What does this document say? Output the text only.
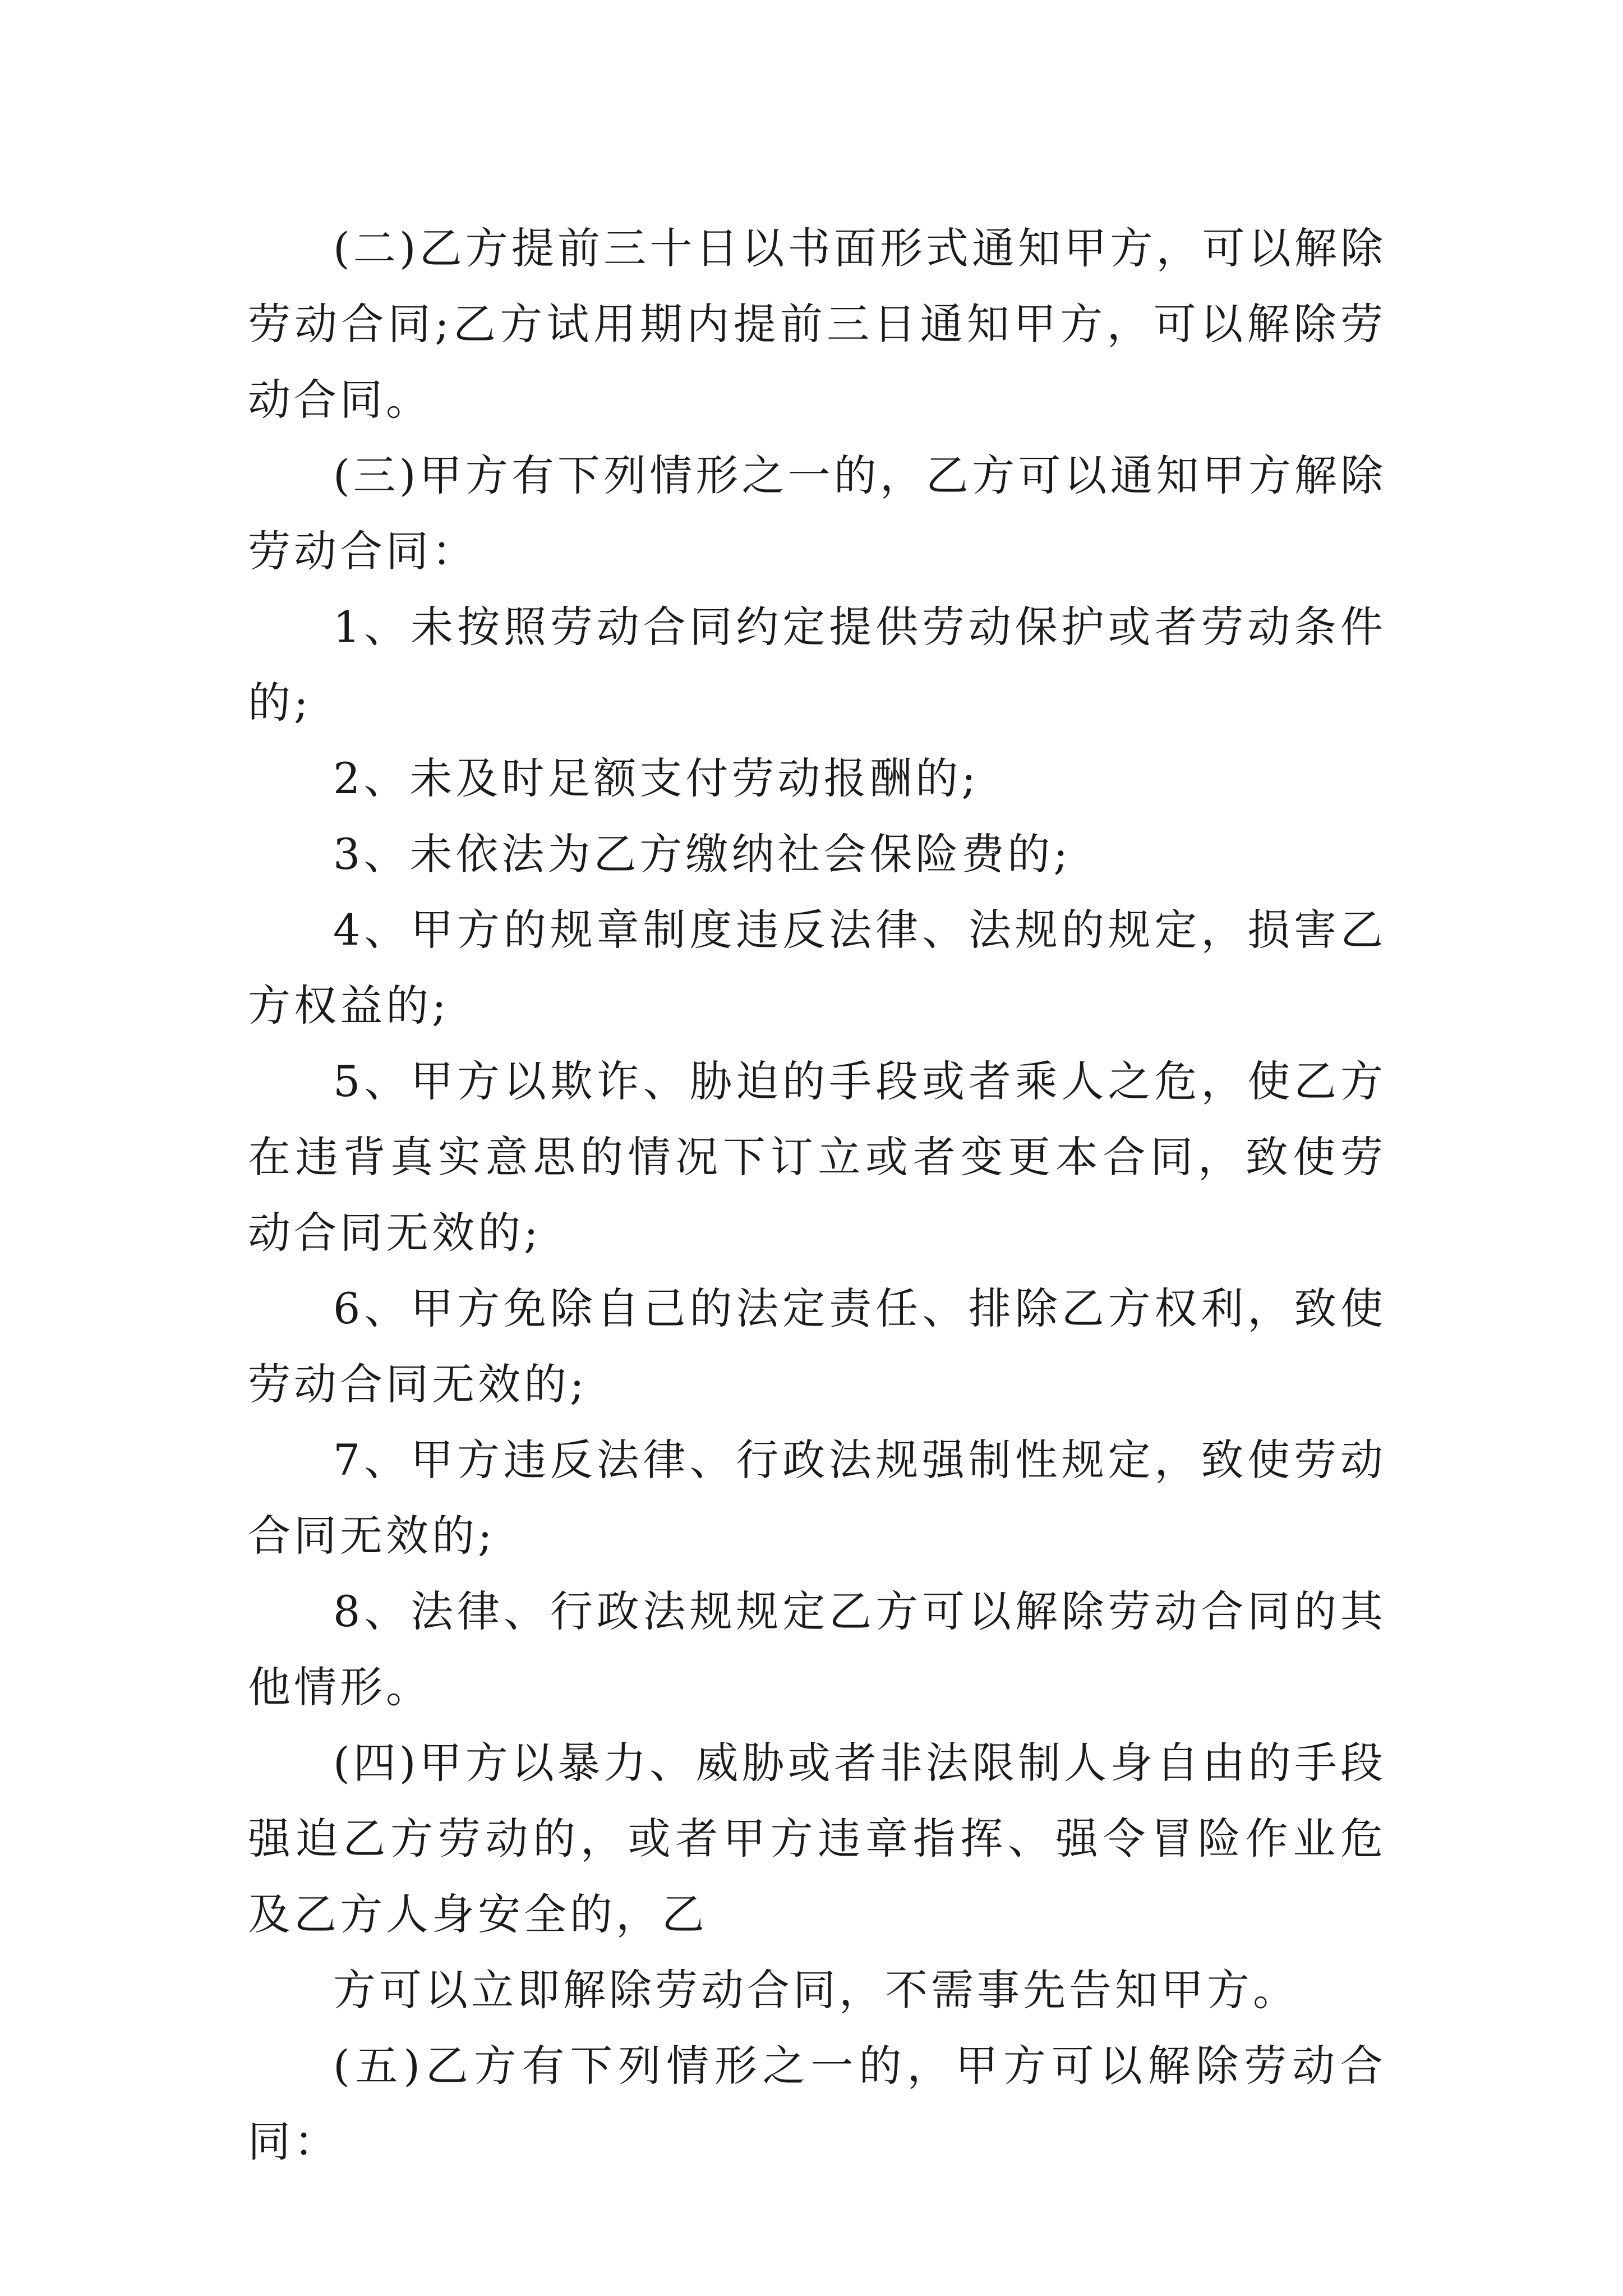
(二)乙方提前三十日以书面形式通知甲方，可以解除劳动合同;乙方试用期内提前三日通知甲方，可以解除劳动合同。

(三)甲方有下列情形之一的，乙方可以通知甲方解除劳动合同：

1、未按照劳动合同约定提供劳动保护或者劳动条件的;

2、未及时足额支付劳动报酬的;

3、未依法为乙方缴纳社会保险费的;

4、甲方的规章制度违反法律、法规的规定，损害乙方权益的;

5、甲方以欺诈、胁迫的手段或者乘人之危，使乙方在违背真实意思的情况下订立或者变更本合同，致使劳动合同无效的;

6、甲方免除自己的法定责任、排除乙方权利，致使劳动合同无效的;

7、甲方违反法律、行政法规强制性规定，致使劳动合同无效的;

8、法律、行政法规规定乙方可以解除劳动合同的其他情形。

(四)甲方以暴力、威胁或者非法限制人身自由的手段强迫乙方劳动的，或者甲方违章指挥、强令冒险作业危及乙方人身安全的，乙

方可以立即解除劳动合同，不需事先告知甲方。

(五)乙方有下列情形之一的，甲方可以解除劳动合同：
